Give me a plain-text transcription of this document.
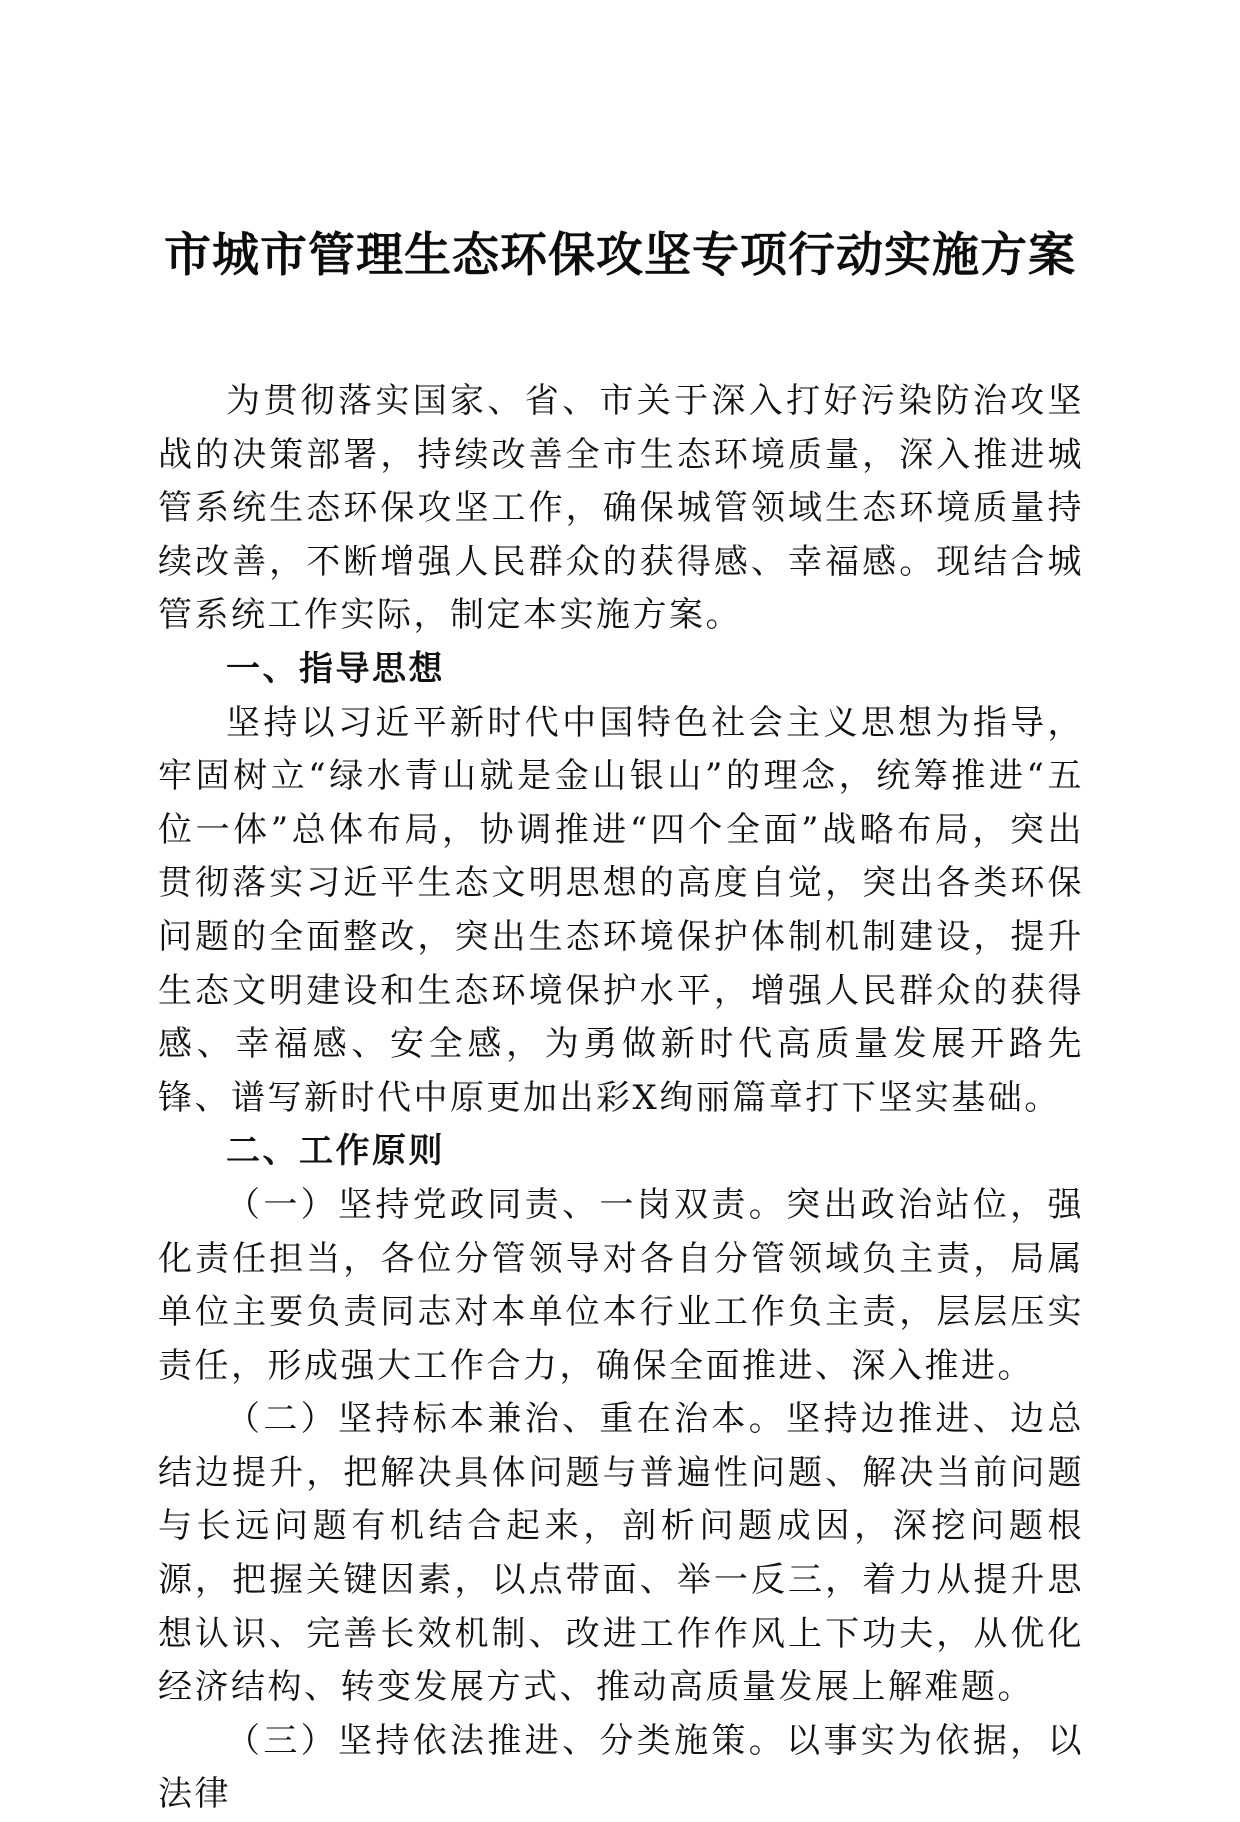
市城市管理生态环保攻坚专项行动实施方案

为贯彻落实国家、省、市关于深入打好污染防治攻坚战的决策部署，持续改善全市生态环境质量，深入推进城管系统生态环保攻坚工作，确保城管领域生态环境质量持续改善，不断增强人民群众的获得感、幸福感。现结合城管系统工作实际，制定本实施方案。

一、指导思想

坚持以习近平新时代中国特色社会主义思想为指导，牢固树立“绿水青山就是金山银山”的理念，统筹推进“五位一体”总体布局，协调推进“四个全面”战略布局，突出贯彻落实习近平生态文明思想的高度自觉，突出各类环保问题的全面整改，突出生态环境保护体制机制建设，提升生态文明建设和生态环境保护水平，增强人民群众的获得感、幸福感、安全感，为勇做新时代高质量发展开路先锋、谱写新时代中原更加出彩X绚丽篇章打下坚实基础。

二、工作原则

（一）坚持党政同责、一岗双责。突出政治站位，强化责任担当，各位分管领导对各自分管领域负主责，局属单位主要负责同志对本单位本行业工作负主责，层层压实责任，形成强大工作合力，确保全面推进、深入推进。

（二）坚持标本兼治、重在治本。坚持边推进、边总结边提升，把解决具体问题与普遍性问题、解决当前问题与长远问题有机结合起来，剖析问题成因，深挖问题根源，把握关键因素，以点带面、举一反三，着力从提升思想认识、完善长效机制、改进工作作风上下功夫，从优化经济结构、转变发展方式、推动高质量发展上解难题。

（三）坚持依法推进、分类施策。以事实为依据，以法律
